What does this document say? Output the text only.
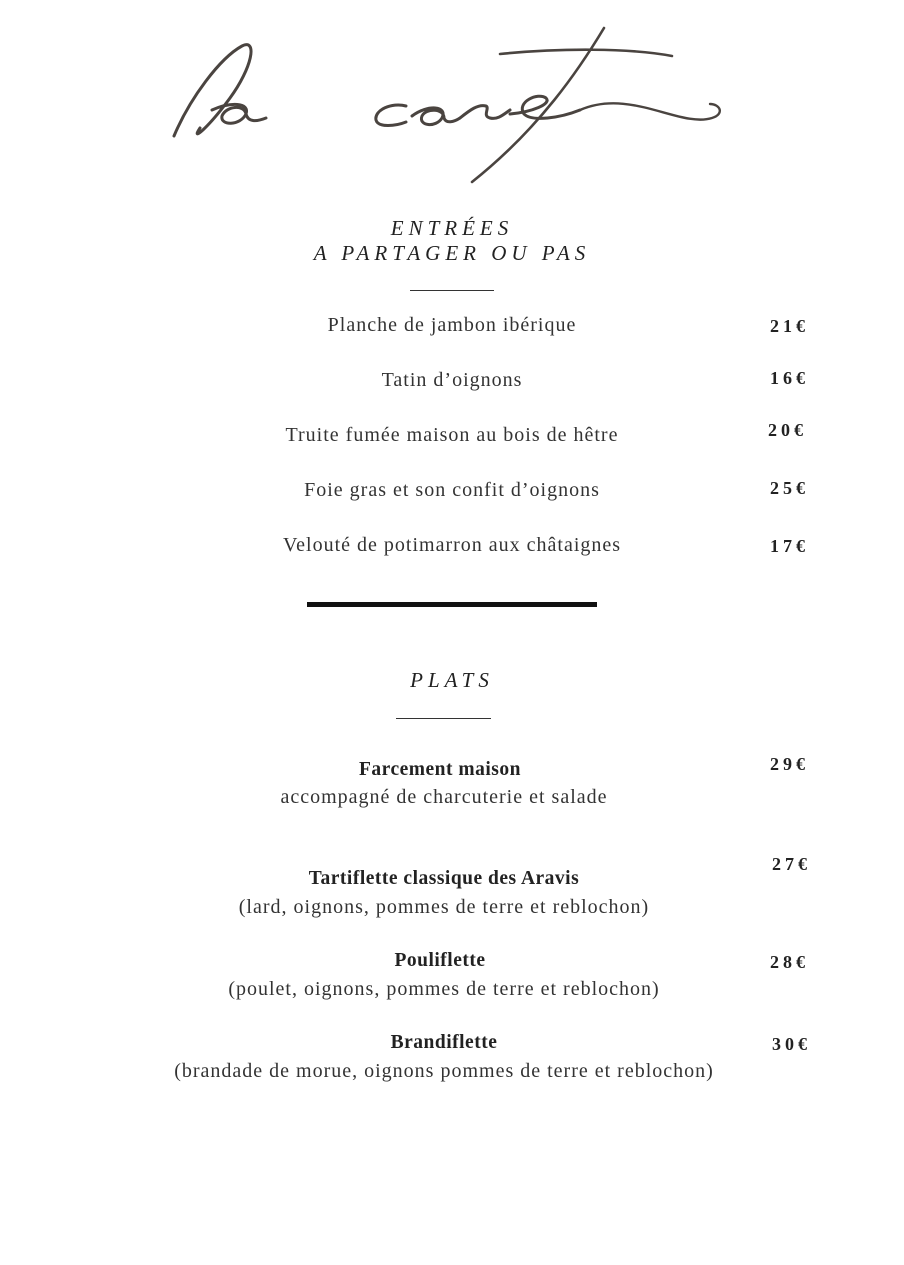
ENTRÉES
A PARTAGER OU PAS
Planche de jambon ibérique	21€
Tatin d’oignons	16€
Truite fumée maison au bois de hêtre	20€
Foie gras et son confit d’oignons	25€
Velouté de potimarron aux châtaignes	17€
PLATS
Farcement maison
accompagné de charcuterie et salade
29€
Tartiflette classique des Aravis
(lard, oignons, pommes de terre et reblochon)
27€
Pouliflette
(poulet, oignons, pommes de terre et reblochon)
28€
Brandiflette
(brandade de morue, oignons pommes de terre et reblochon)
30€
